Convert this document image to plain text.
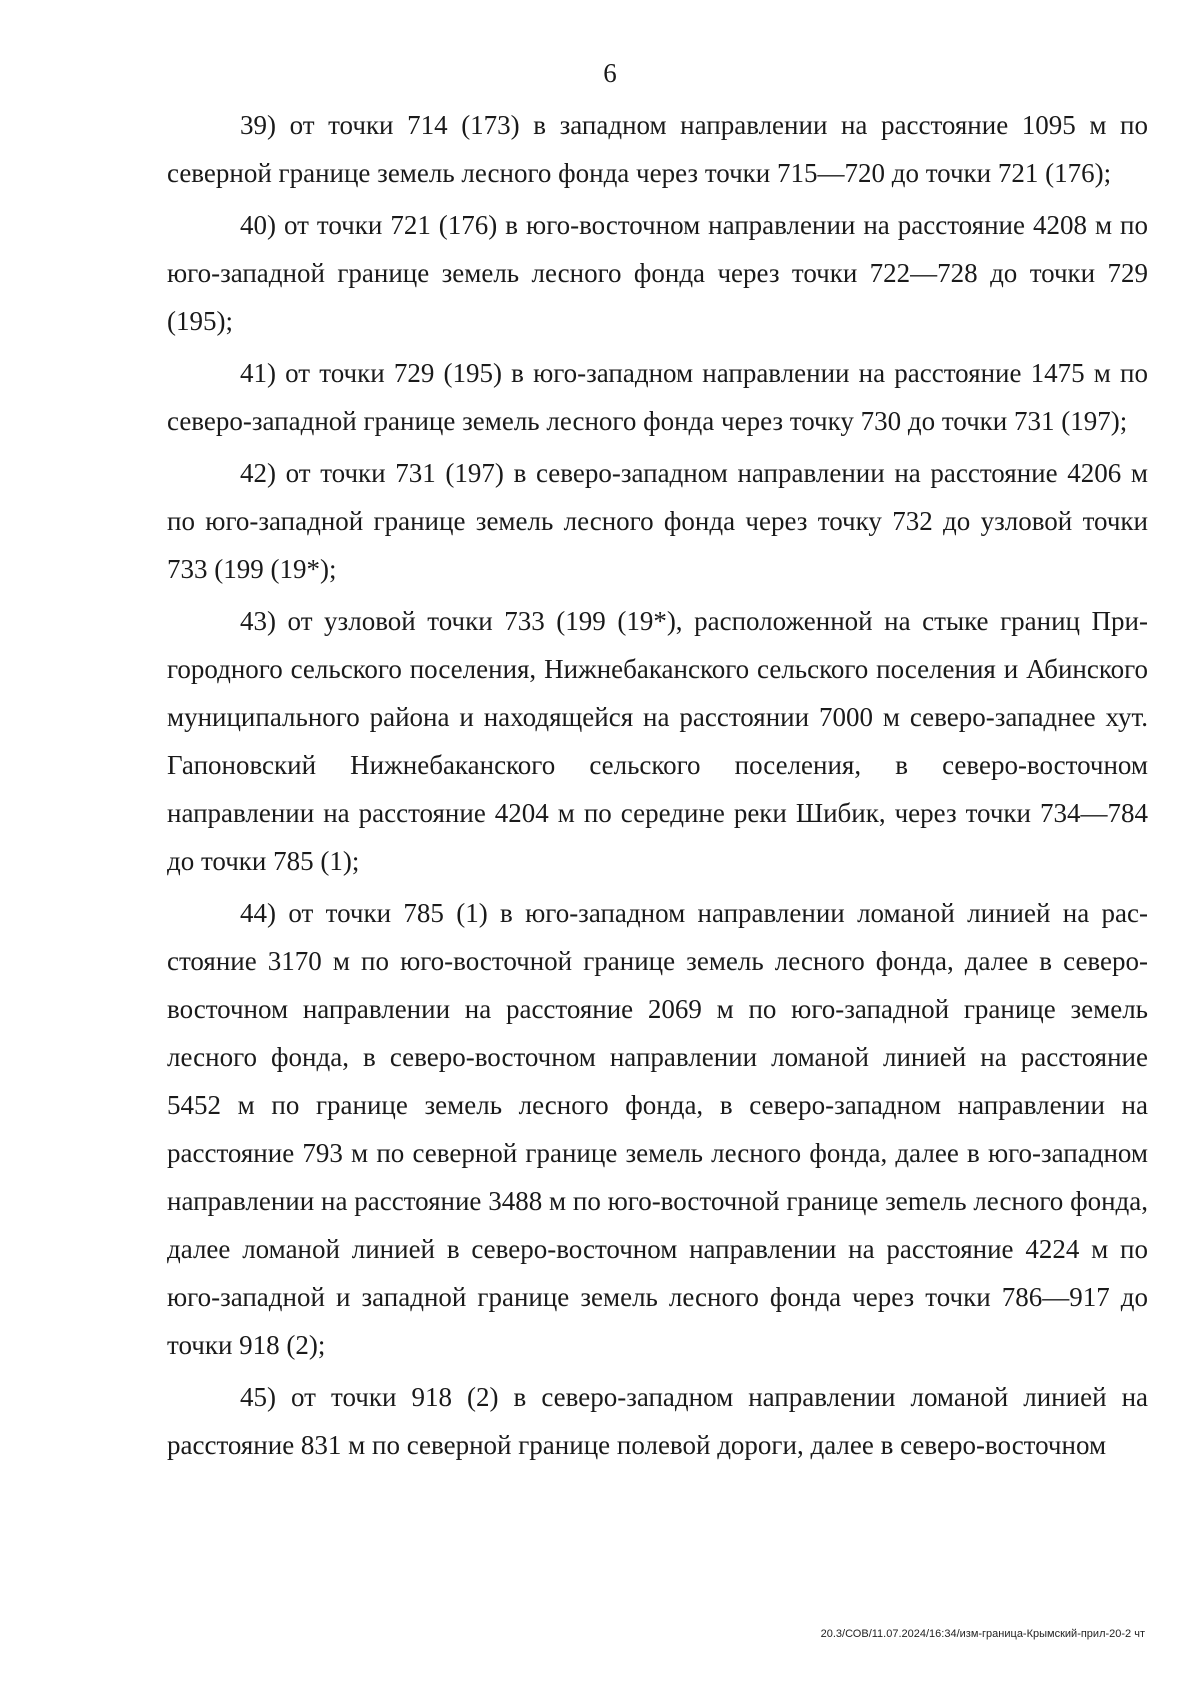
6

39) от точки 714 (173) в западном направлении на расстояние 1095 м по северной границе земель лесного фонда через точки 715—720 до точки 721 (176);

40) от точки 721 (176) в юго-восточном направлении на расстояние 4208 м по юго-западной границе земель лесного фонда через точки 722—728 до точки 729 (195);

41) от точки 729 (195) в юго-западном направлении на расстояние 1475 м по северо-западной границе земель лесного фонда через точку 730 до точки 731 (197);

42) от точки 731 (197) в северо-западном направлении на расстояние 4206 м по юго-западной границе земель лесного фонда через точку 732 до узловой точки 733 (199 (19*);

43) от узловой точки 733 (199 (19*), расположенной на стыке границ Пригородного сельского поселения, Нижнебаканского сельского поселения и Абинского муниципального района и находящейся на расстоянии 7000 м северо-западнее хут. Гапоновский Нижнебаканского сельского поселения, в северо-восточном направлении на расстояние 4204 м по середине реки Шибик, через точки 734—784 до точки 785 (1);

44) от точки 785 (1) в юго-западном направлении ломаной линией на расстояние 3170 м по юго-восточной границе земель лесного фонда, далее в северо-восточном направлении на расстояние 2069 м по юго-западной границе земель лесного фонда, в северо-восточном направлении ломаной линией на расстояние 5452 м по границе земель лесного фонда, в северо-западном направлении на расстояние 793 м по северной границе земель лесного фонда, далее в юго-западном направлении на расстояние 3488 м по юго-восточной границе зеmель лесного фонда, далее ломаной линией в северо-восточном направлении на расстояние 4224 м по юго-западной и западной границе земель лесного фонда через точки 786—917 до точки 918 (2);

45) от точки 918 (2) в северо-западном направлении ломаной линией на расстояние 831 м по северной границе полевой дороги, далее в северо-восточном

20.3/СОВ/11.07.2024/16:34/изм-граница-Крымский-прил-20-2 чт
